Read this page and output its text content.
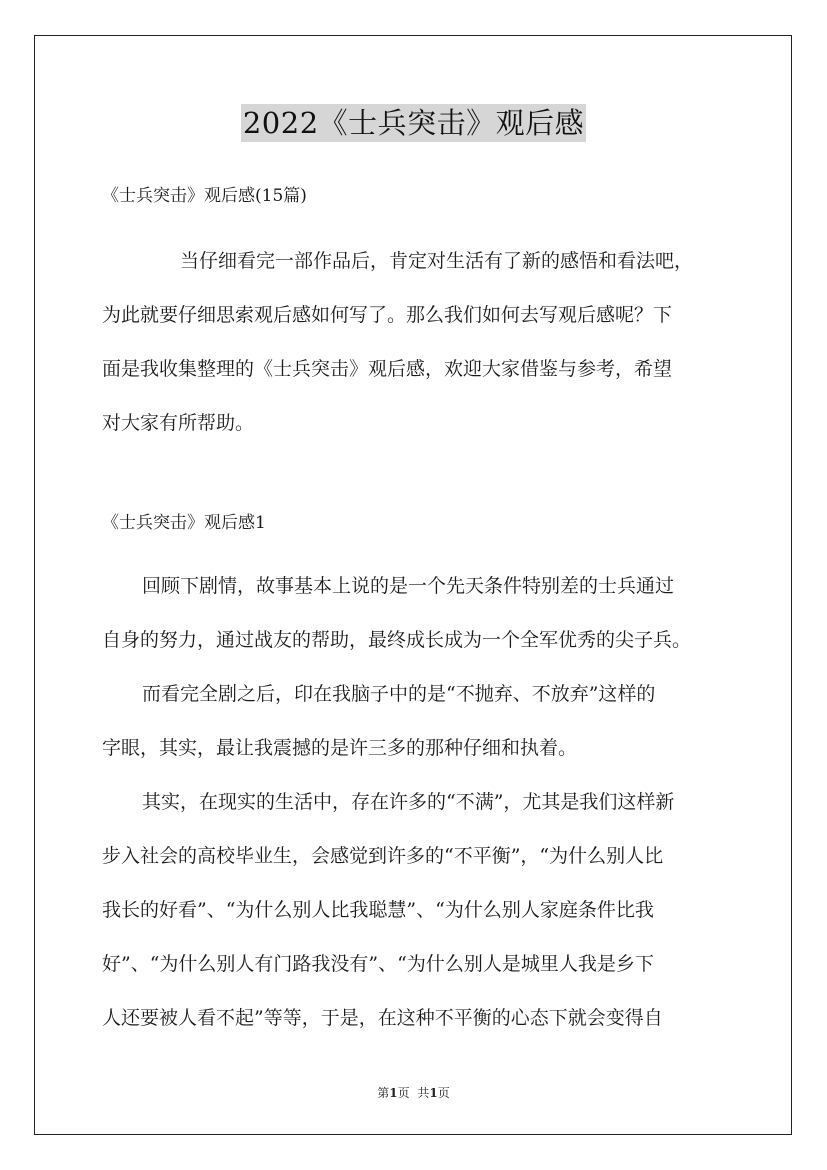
2022《士兵突击》观后感
《士兵突击》观后感(15篇)
当仔细看完一部作品后，肯定对生活有了新的感悟和看法吧，
为此就要仔细思索观后感如何写了。那么我们如何去写观后感呢？下
面是我收集整理的《士兵突击》观后感，欢迎大家借鉴与参考，希望
对大家有所帮助。
《士兵突击》观后感1
回顾下剧情，故事基本上说的是一个先天条件特别差的士兵通过
自身的努力，通过战友的帮助，最终成长成为一个全军优秀的尖子兵。
而看完全剧之后，印在我脑子中的是“不抛弃、不放弃”这样的
字眼，其实，最让我震撼的是许三多的那种仔细和执着。
其实，在现实的生活中，存在许多的“不满”，尤其是我们这样新
步入社会的高校毕业生，会感觉到许多的“不平衡”，“为什么别人比
我长的好看”、“为什么别人比我聪慧”、“为什么别人家庭条件比我
好”、“为什么别人有门路我没有”、“为什么别人是城里人我是乡下
人还要被人看不起”等等，于是，在这种不平衡的心态下就会变得自
第1页 共1页
